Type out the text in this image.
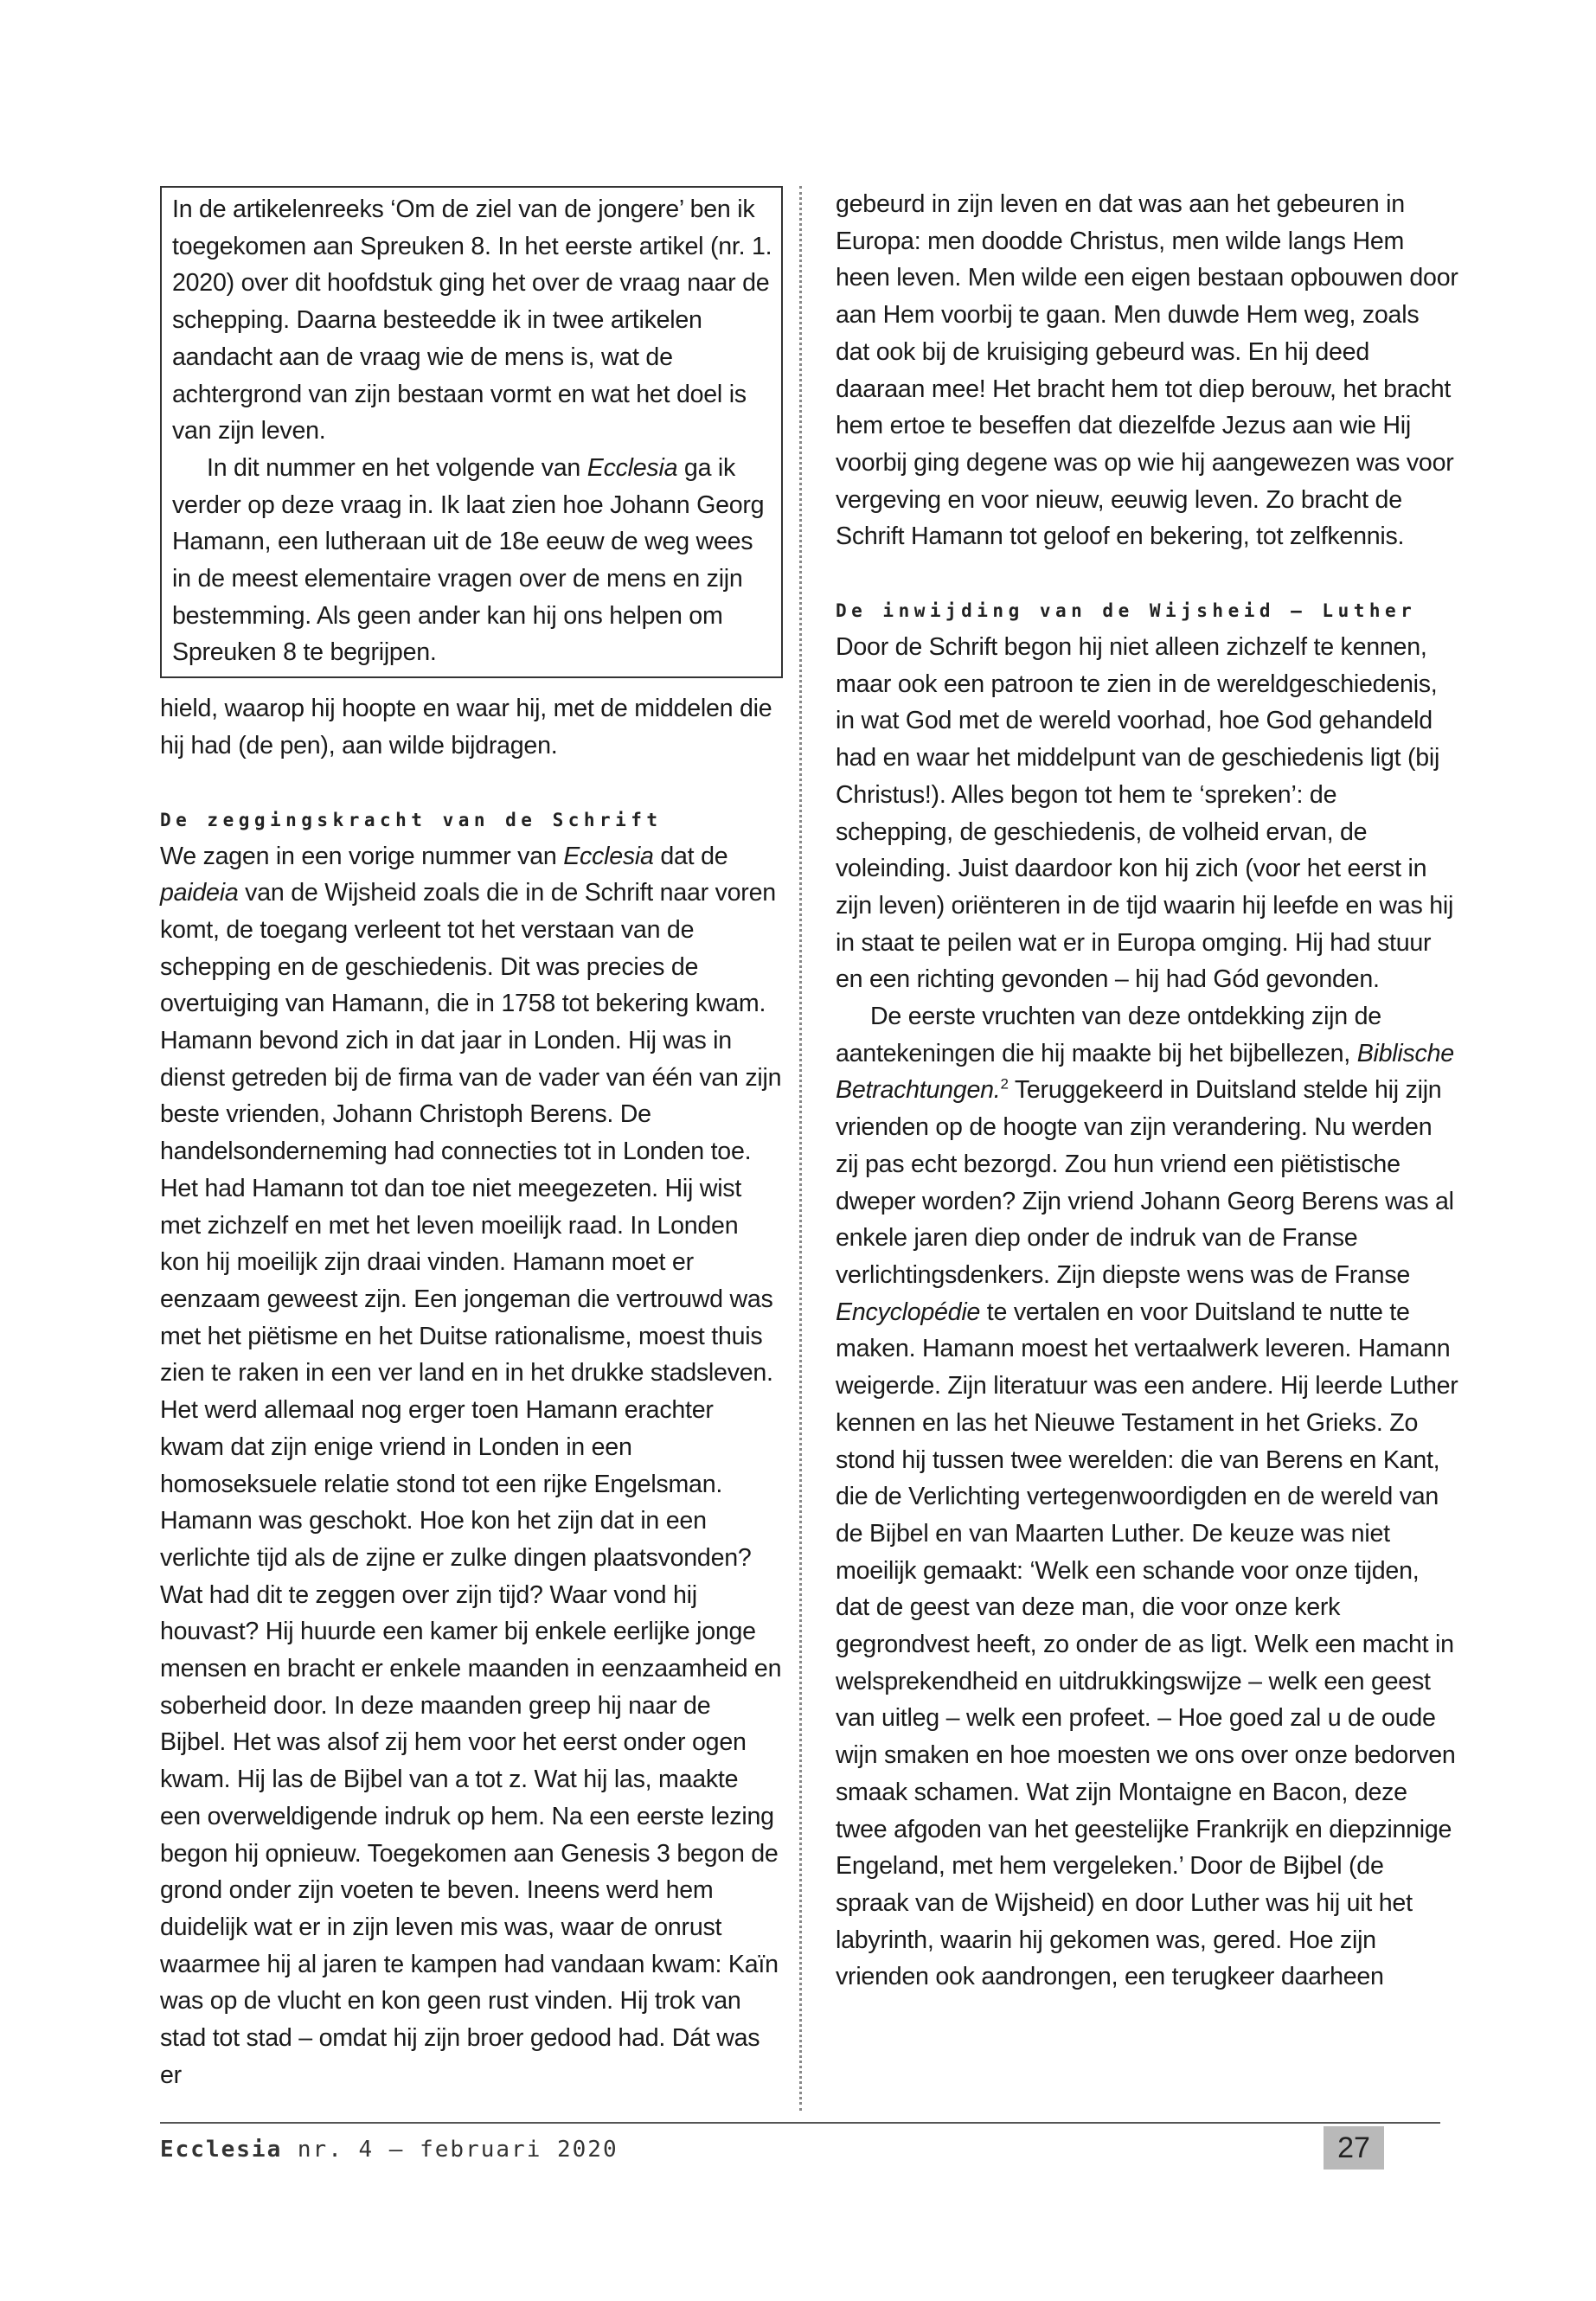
In de artikelenreeks ‘Om de ziel van de jongere’ ben ik toegekomen aan Spreuken 8. In het eerste artikel (nr. 1. 2020) over dit hoofdstuk ging het over de vraag naar de schepping. Daarna besteedde ik in twee artikelen aandacht aan de vraag wie de mens is, wat de achtergrond van zijn bestaan vormt en wat het doel is van zijn leven.

In dit nummer en het volgende van Ecclesia ga ik verder op deze vraag in. Ik laat zien hoe Johann Georg Hamann, een lutheraan uit de 18e eeuw de weg wees in de meest elementaire vragen over de mens en zijn bestemming. Als geen ander kan hij ons helpen om Spreuken 8 te begrijpen.

hield, waarop hij hoopte en waar hij, met de middelen die hij had (de pen), aan wilde bijdragen.

De zeggingskracht van de Schrift

We zagen in een vorige nummer van Ecclesia dat de paideia van de Wijsheid zoals die in de Schrift naar voren komt, de toegang verleent tot het verstaan van de schepping en de geschiedenis. Dit was precies de overtuiging van Hamann, die in 1758 tot bekering kwam. Hamann bevond zich in dat jaar in Londen. Hij was in dienst getreden bij de firma van de vader van één van zijn beste vrienden, Johann Christoph Berens. De handelsonderneming had connecties tot in Londen toe. Het had Hamann tot dan toe niet meegezeten. Hij wist met zichzelf en met het leven moeilijk raad. In Londen kon hij moeilijk zijn draai vinden. Hamann moet er eenzaam geweest zijn. Een jongeman die vertrouwd was met het piëtisme en het Duitse rationalisme, moest thuis zien te raken in een ver land en in het drukke stadsleven. Het werd allemaal nog erger toen Hamann erachter kwam dat zijn enige vriend in Londen in een homoseksuele relatie stond tot een rijke Engelsman. Hamann was geschokt. Hoe kon het zijn dat in een verlichte tijd als de zijne er zulke dingen plaatsvonden? Wat had dit te zeggen over zijn tijd? Waar vond hij houvast? Hij huurde een kamer bij enkele eerlijke jonge mensen en bracht er enkele maanden in eenzaamheid en soberheid door. In deze maanden greep hij naar de Bijbel. Het was alsof zij hem voor het eerst onder ogen kwam. Hij las de Bijbel van a tot z. Wat hij las, maakte een overweldigende indruk op hem. Na een eerste lezing begon hij opnieuw. Toegekomen aan Genesis 3 begon de grond onder zijn voeten te beven. Ineens werd hem duidelijk wat er in zijn leven mis was, waar de onrust waarmee hij al jaren te kampen had vandaan kwam: Kaïn was op de vlucht en kon geen rust vinden. Hij trok van stad tot stad – omdat hij zijn broer gedood had. Dát was er

gebeurd in zijn leven en dat was aan het gebeuren in Europa: men doodde Christus, men wilde langs Hem heen leven. Men wilde een eigen bestaan opbouwen door aan Hem voorbij te gaan. Men duwde Hem weg, zoals dat ook bij de kruisiging gebeurd was. En hij deed daaraan mee! Het bracht hem tot diep berouw, het bracht hem ertoe te beseffen dat diezelfde Jezus aan wie Hij voorbij ging degene was op wie hij aangewezen was voor vergeving en voor nieuw, eeuwig leven. Zo bracht de Schrift Hamann tot geloof en bekering, tot zelfkennis.

De inwijding van de Wijsheid — Luther

Door de Schrift begon hij niet alleen zichzelf te kennen, maar ook een patroon te zien in de wereldgeschiedenis, in wat God met de wereld voorhad, hoe God gehandeld had en waar het middelpunt van de geschiedenis ligt (bij Christus!). Alles begon tot hem te ‘spreken’: de schepping, de geschiedenis, de volheid ervan, de voleinding. Juist daardoor kon hij zich (voor het eerst in zijn leven) oriënteren in de tijd waarin hij leefde en was hij in staat te peilen wat er in Europa omging. Hij had stuur en een richting gevonden – hij had Gód gevonden.

De eerste vruchten van deze ontdekking zijn de aantekeningen die hij maakte bij het bijbellezen, Biblische Betrachtungen.$^2$ Teruggekeerd in Duitsland stelde hij zijn vrienden op de hoogte van zijn verandering. Nu werden zij pas echt bezorgd. Zou hun vriend een piëtistische dweper worden? Zijn vriend Johann Georg Berens was al enkele jaren diep onder de indruk van de Franse verlichtingsdenkers. Zijn diepste wens was de Franse Encyclopédie te vertalen en voor Duitsland te nutte te maken. Hamann moest het vertaalwerk leveren. Hamann weigerde. Zijn literatuur was een andere. Hij leerde Luther kennen en las het Nieuwe Testament in het Grieks. Zo stond hij tussen twee werelden: die van Berens en Kant, die de Verlichting vertegenwoordigden en de wereld van de Bijbel en van Maarten Luther. De keuze was niet moeilijk gemaakt: ‘Welk een schande voor onze tijden, dat de geest van deze man, die voor onze kerk gegrondvest heeft, zo onder de as ligt. Welk een macht in welsprekendheid en uitdrukkingswijze – welk een geest van uitleg – welk een profeet. – Hoe goed zal u de oude wijn smaken en hoe moesten we ons over onze bedorven smaak schamen. Wat zijn Montaigne en Bacon, deze twee afgoden van het geestelijke Frankrijk en diepzinnige Engeland, met hem vergeleken.’ Door de Bijbel (de spraak van de Wijsheid) en door Luther was hij uit het labyrinth, waarin hij gekomen was, gered. Hoe zijn vrienden ook aandrongen, een terugkeer daarheen

Ecclesia nr. 4 — februari 2020	27
